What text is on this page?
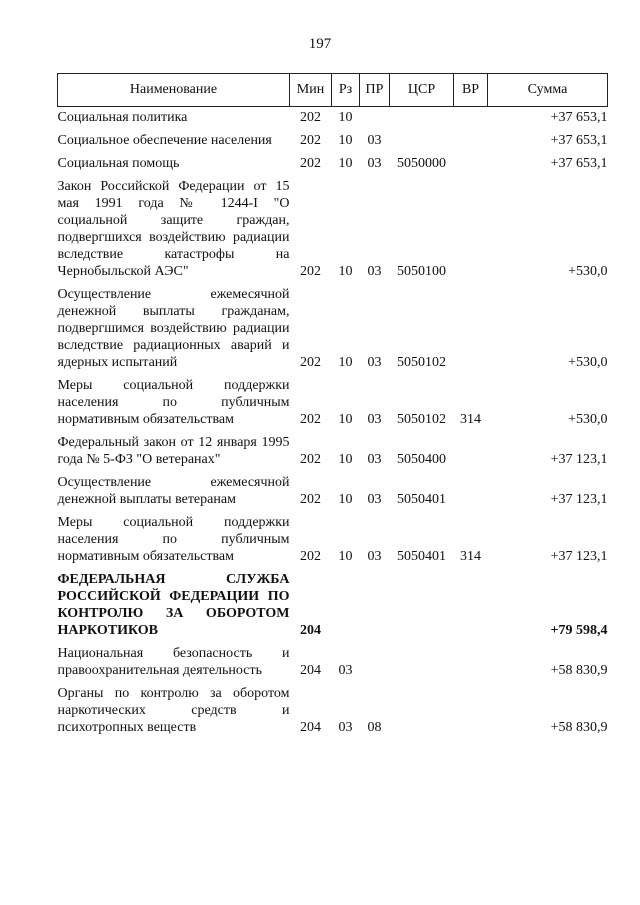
197
Наименование	Мин	Рз	ПР	ЦСР	ВР	Сумма
Социальная политика	202	10				+37 653,1
Социальное обеспечение населения	202	10	03			+37 653,1
Социальная помощь	202	10	03	5050000		+37 653,1
Закон Российской Федерации от 15 мая 1991 года № 1244-I "О социальной защите граждан, подвергшихся воздействию радиации вследствие катастрофы на Чернобыльской АЭС"	202	10	03	5050100		+530,0
Осуществление ежемесячной денежной выплаты гражданам, подвергшимся воздействию радиации вследствие радиационных аварий и ядерных испытаний	202	10	03	5050102		+530,0
Меры социальной поддержки населения по публичным нормативным обязательствам	202	10	03	5050102	314	+530,0
Федеральный закон от 12 января 1995 года № 5-ФЗ "О ветеранах"	202	10	03	5050400		+37 123,1
Осуществление ежемесячной денежной выплаты ветеранам	202	10	03	5050401		+37 123,1
Меры социальной поддержки населения по публичным нормативным обязательствам	202	10	03	5050401	314	+37 123,1
ФЕДЕРАЛЬНАЯ СЛУЖБА РОССИЙСКОЙ ФЕДЕРАЦИИ ПО КОНТРОЛЮ ЗА ОБОРОТОМ НАРКОТИКОВ	204					+79 598,4
Национальная безопасность и правоохранительная деятельность	204	03				+58 830,9
Органы по контролю за оборотом наркотических средств и психотропных веществ	204	03	08			+58 830,9
